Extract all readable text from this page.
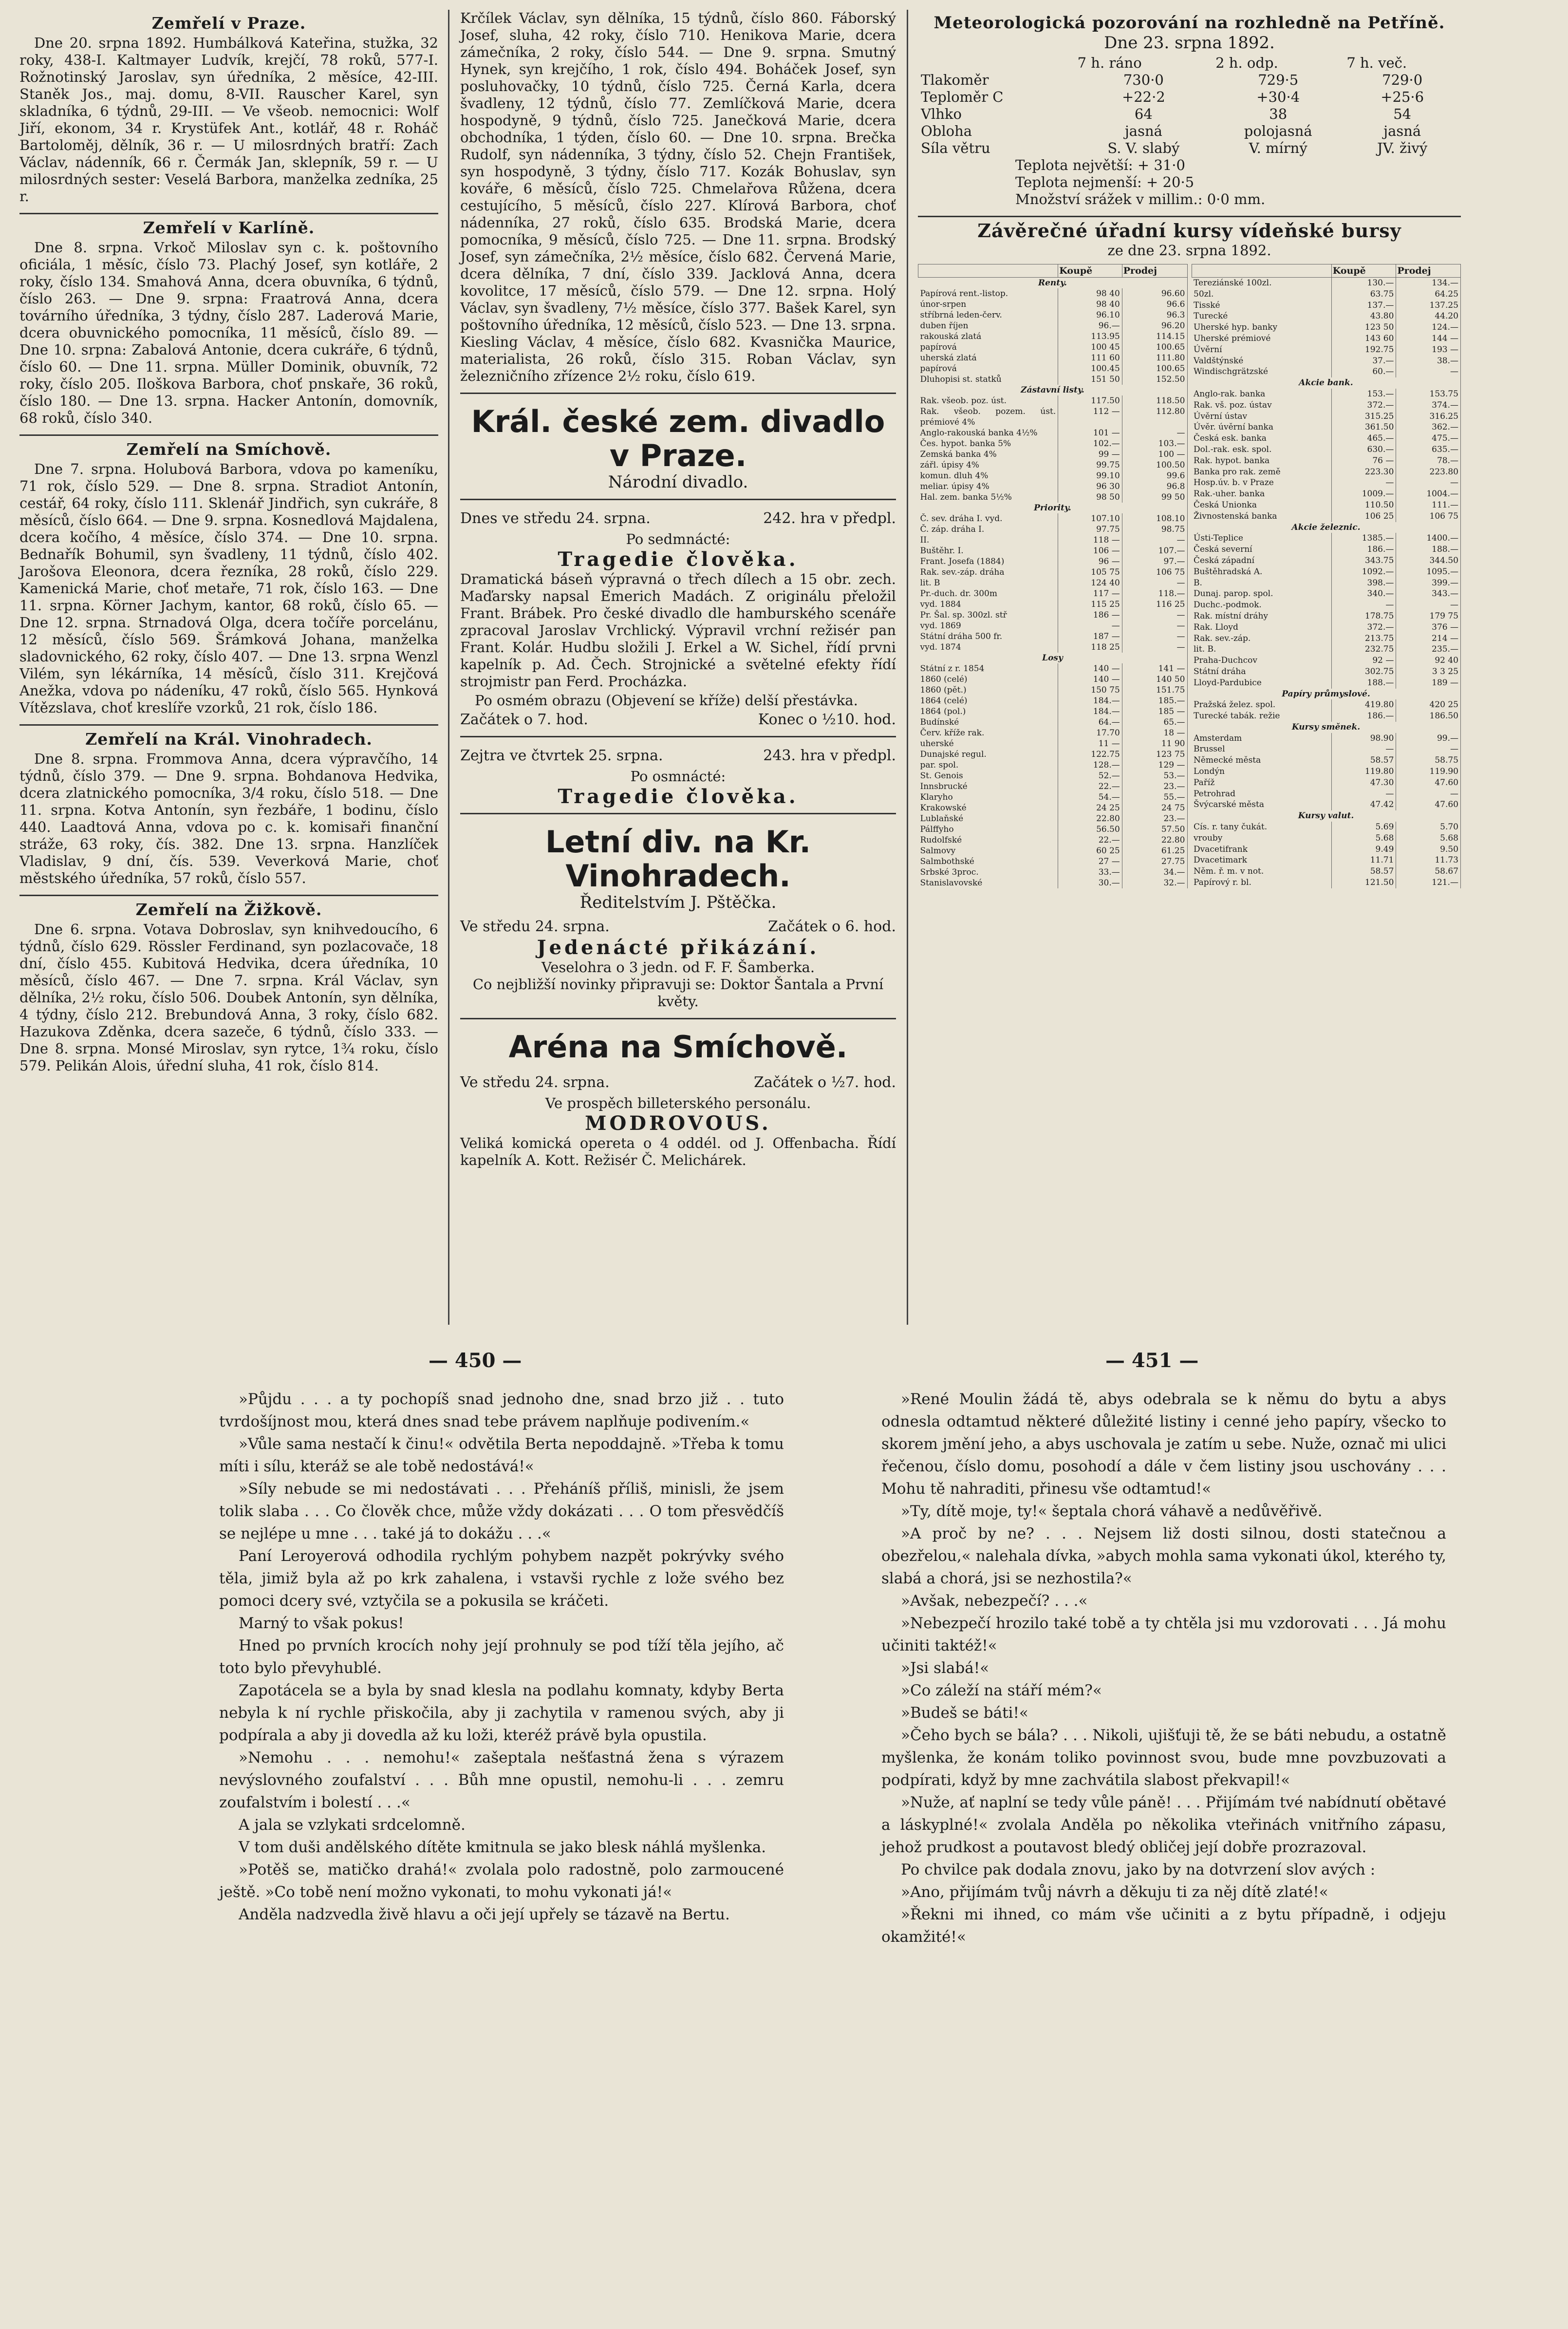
Zemřelí v Praze.

Dne 20. srpna 1892. Humbálková Kateřina, stužka, 32 roky, 438-I. Kaltmayer Ludvík, krejčí, 78 roků, 577-I. Rožnotinský Jaroslav, syn úředníka, 2 měsíce, 42-III. Staněk Jos., maj. domu, 8-VII. Rauscher Karel, syn skladníka, 6 týdnů, 29-III. — Ve všeob. nemocnici: Wolf Jiří, ekonom, 34 r. Krystüfek Ant., kotlář, 48 r. Roháč Bartoloměj, dělník, 36 r. — U milosrdných bratří: Zach Václav, nádenník, 66 r. Čermák Jan, sklepník, 59 r. — U milosrdných sester: Veselá Barbora, manželka zedníka, 25 r.

Zemřelí v Karlíně.

Dne 8. srpna. Vrkoč Miloslav syn c. k. poštovního oficiála, 1 měsíc, číslo 73. Plachý Josef, syn kotláře, 2 roky, číslo 134. Smahová Anna, dcera obuvníka, 6 týdnů, číslo 263. — Dne 9. srpna: Fraatrová Anna, dcera továrního úředníka, 3 týdny, číslo 287. Laderová Marie, dcera obuvnického pomocníka, 11 měsíců, číslo 89. — Dne 10. srpna: Zabalová Antonie, dcera cukráře, 6 týdnů, číslo 60. — Dne 11. srpna. Müller Dominik, obuvník, 72 roky, číslo 205. Iloškova Barbora, choť pnskaře, 36 roků, číslo 180. — Dne 13. srpna. Hacker Antonín, domovník, 68 roků, číslo 340.

Zemřelí na Smíchově.

Dne 7. srpna. Holubová Barbora, vdova po kameníku, 71 rok, číslo 529. — Dne 8. srpna. Stradiot Antonín, cestář, 64 roky, číslo 111. Sklenář Jindřich, syn cukráře, 8 měsíců, číslo 664. — Dne 9. srpna. Kosnedlová Majdalena, dcera kočího, 4 měsíce, číslo 374. — Dne 10. srpna. Bednařík Bohumil, syn švadleny, 11 týdnů, číslo 402. Jarošova Eleonora, dcera řezníka, 28 roků, číslo 229. Kamenická Marie, choť metaře, 71 rok, číslo 163. — Dne 11. srpna. Körner Jachym, kantor, 68 roků, číslo 65. — Dne 12. srpna. Strnadová Olga, dcera točíře porcelánu, 12 měsíců, číslo 569. Šrámková Johana, manželka sladovnického, 62 roky, číslo 407. — Dne 13. srpna Wenzl Vilém, syn lékárníka, 14 měsíců, číslo 311. Krejčová Anežka, vdova po nádeníku, 47 roků, číslo 565. Hynková Vítězslava, choť kreslíře vzorků, 21 rok, číslo 186.

Zemřelí na Král. Vinohradech.

Dne 8. srpna. Frommova Anna, dcera výpravčího, 14 týdnů, číslo 379. — Dne 9. srpna. Bohdanova Hedvika, dcera zlatnického pomocníka, 3/4 roku, číslo 518. — Dne 11. srpna. Kotva Antonín, syn řezbáře, 1 bodinu, číslo 440. Laadtová Anna, vdova po c. k. komisaři finanční stráže, 63 roky, čís. 382. Dne 13. srpna. Hanzlíček Vladislav, 9 dní, čís. 539. Veverková Marie, choť městského úředníka, 57 roků, číslo 557.

Zemřelí na Žižkově.

Dne 6. srpna. Votava Dobroslav, syn knihvedoucího, 6 týdnů, číslo 629. Rössler Ferdinand, syn pozlacovače, 18 dní, číslo 455. Kubitová Hedvika, dcera úředníka, 10 měsíců, číslo 467. — Dne 7. srpna. Král Václav, syn dělníka, 2½ roku, číslo 506. Doubek Antonín, syn dělníka, 4 týdny, číslo 212. Brebundová Anna, 3 roky, číslo 682. Hazukova Zděnka, dcera sazeče, 6 týdnů, číslo 333. — Dne 8. srpna. Monsé Miroslav, syn rytce, 1¾ roku, číslo 579. Pelikán Alois, úřední sluha, 41 rok, číslo 814.

Krčílek Václav, syn dělníka, 15 týdnů, číslo 860. Fáborský Josef, sluha, 42 roky, číslo 710. Henikova Marie, dcera zámečníka, 2 roky, číslo 544. — Dne 9. srpna. Smutný Hynek, syn krejčího, 1 rok, číslo 494. Boháček Josef, syn posluhovačky, 10 týdnů, číslo 725. Černá Karla, dcera švadleny, 12 týdnů, číslo 77. Zemlíčková Marie, dcera hospodyně, 9 týdnů, číslo 725. Janečková Marie, dcera obchodníka, 1 týden, číslo 60. — Dne 10. srpna. Brečka Rudolf, syn nádenníka, 3 týdny, číslo 52. Chejn František, syn hospodyně, 3 týdny, číslo 717. Kozák Bohuslav, syn kováře, 6 měsíců, číslo 725. Chmelařova Růžena, dcera cestujícího, 5 měsíců, číslo 227. Klírová Barbora, choť nádenníka, 27 roků, číslo 635. Brodská Marie, dcera pomocníka, 9 měsíců, číslo 725. — Dne 11. srpna. Brodský Josef, syn zámečníka, 2½ měsíce, číslo 682. Červená Marie, dcera dělníka, 7 dní, číslo 339. Jacklová Anna, dcera kovolitce, 17 měsíců, číslo 579. — Dne 12. srpna. Holý Václav, syn švadleny, 7½ měsíce, číslo 377. Bašek Karel, syn poštovního úředníka, 12 měsíců, číslo 523. — Dne 13. srpna. Kiesling Václav, 4 měsíce, číslo 682. Kvasnička Maurice, materialista, 26 roků, číslo 315. Roban Václav, syn železničního zřízence 2½ roku, číslo 619.

Král. české zem. divadlo v Praze.
Národní divadlo.
Dnes ve středu 24. srpna.	242. hra v předpl.
Po sedmnácté:
Tragedie člověka.

Dramatická báseň výpravná o třech dílech a 15 obr. zech. Maďarsky napsal Emerich Madách. Z originálu přeložil Frant. Brábek. Pro české divadlo dle hamburského scenáře zpracoval Jaroslav Vrchlický. Výpravil vrchní režisér pan Frant. Kolár. Hudbu složili J. Erkel a W. Sichel, řídí prvni kapelník p. Ad. Čech. Strojnické a světelné efekty řídí strojmistr pan Ferd. Procházka.

Po osmém obrazu (Objevení se kříže) delší přestávka.

Začátek o 7. hod.	Konec o ½10. hod.
Zejtra ve čtvrtek 25. srpna.	243. hra v předpl.
Po osmnácté:
Tragedie člověka.
Letní div. na Kr. Vinohradech.
Ředitelstvím J. Pštěčka.
Ve středu 24. srpna.	Začátek o 6. hod.
Jedenácté přikázání.
Veselohra o 3 jedn. od F. F. Šamberka.
Co nejbližší novinky připravuji se: Doktor Šantala a První květy.
Aréna na Smíchově.
Ve středu 24. srpna.	Začátek o ½7. hod.
Ve prospěch billeterského personálu.
MODROVOUS.

Veliká komická opereta o 4 oddél. od J. Offenbacha. Řídí kapelník A. Kott. Režisér Č. Melichárek.

Meteorologická pozorování na rozhledně na Petříně.
Dne 23. srpna 1892.
	7 h. ráno	2 h. odp.	7 h. več.
Tlakoměr	730·0	729·5	729·0
Teploměr C	+22·2	+30·4	+25·6
Vlhko	64	38	54
Obloha	jasná	polojasná	jasná
Síla větru	S. V. slabý	V. mírný	JV. živý
Teplota největší: + 31·0
Teplota nejmenší: + 20·5
Množství srážek v millim.: 0·0 mm.
Závěrečné úřadní kursy vídeňské bursy
ze dne 23. srpna 1892.
	Koupě	Prodej
Renty.		
Papírová rent.-listop.	98 40	96.60
únor-srpen	98 40	96.6
stříbrná leden-červ.	96.10	96.3
duben říjen	96.—	96.20
rakouská zlatá	113.95	114.15
papírová	100 45	100.65
uherská zlatá	111 60	111.80
papírová	100.45	100.65
Dluhopisi st. statků	151 50	152.50
Zástavní listy.		
Rak. všeob. poz. úst.	117.50	118.50
Rak. všeob. pozem. úst. prémiové 4%	112 —	112.80
Anglo-rakouská banka 4½%	101 —	—
Čes. hypot. banka 5%	102.—	103.—
Zemská banka 4%	99 —	100 —
zářl. úpisy 4%	99.75	100.50
komun. dluh 4%	99.10	99.6
meliar. úpisy 4%	96 30	96.8
Hal. zem. banka 5½%	98 50	99 50
Priority.		
Č. sev. dráha I. vyd.	107.10	108.10
Č. záp. dráha I.	97.75	98.75
II.	118 —	—
Buštěhr. I.	106 —	107.—
Frant. Josefa (1884)	96 —	97.—
Rak. sev.-záp. dráha	105 75	106 75
lit. B	124 40	—
Pr.-duch. dr. 300m	117 —	118.—
vyd. 1884	115 25	116 25
Pr. Šal. sp. 300zl. stř	186 —	—
vyd. 1869	—	—
Státní dráha 500 fr.	187 —	—
vyd. 1874	118 25	—
Losy		
Státní z r. 1854	140 —	141 —
1860 (celé)	140 —	140 50
1860 (pět.)	150 75	151.75
1864 (celé)	184.—	185.—
1864 (pol.)	184.—	185 —
Budínské	64.—	65.—
Červ. kříže rak.	17.70	18 —
uherské	11 —	11 90
Dunajské regul.	122.75	123 75
par. spol.	128.—	129 —
St. Genois	52.—	53.—
Innsbrucké	22.—	23.—
Klaryho	54.—	55.—
Krakowské	24 25	24 75
Lublaňské	22.80	23.—
Pálffyho	56.50	57.50
Rudolfské	22.—	22.80
Salmovy	60 25	61.25
Salmbothské	27 —	27.75
Srbské 3proc.	33.—	34.—
Stanislavovské	30.—	32.—
	Koupě	Prodej
Tereziánské 100zl.	130.—	134.—
50zl.	63.75	64.25
Tisské	137.—	137.25
Turecké	43.80	44.20
Uherské hyp. banky	123 50	124.—
Uherské prémiové	143 60	144 —
Úvěrní	192.75	193 —
Valdštýnské	37.—	38.—
Windischgrätzské	60.—	—
Akcie bank.		
Anglo-rak. banka	153.—	153.75
Rak. vš. poz. ústav	372.—	374.—
Úvěrní ústav	315.25	316.25
Úvěr. úvěrní banka	361.50	362.—
Česká esk. banka	465.—	475.—
Dol.-rak. esk. spol.	630.—	635.—
Rak. hypot. banka	76 —	78.—
Banka pro rak. země	223.30	223.80
Hosp.úv. b. v Praze	—	—
Rak.-uher. banka	1009.—	1004.—
Česká Unionka	110.50	111.—
Živnostenská banka	106 25	106 75
Akcie železnic.		
Ústi-Teplice	1385.—	1400.—
Česká severní	186.—	188.—
Česká západní	343.75	344.50
Buštěhradská A.	1092.—	1095.—
B.	398.—	399.—
Dunaj. parop. spol.	340.—	343.—
Duchc.-podmok.	—	—
Rak. místní dráhy	178.75	179 75
Rak. Lloyd	372.—	376 —
Rak. sev.-záp.	213.75	214 —
lit. B.	232.75	235.—
Praha-Duchcov	92 —	92 40
Státní dráha	302.75	3 3 25
Lloyd-Pardubice	188.—	189 —
Papíry průmyslové.		
Pražská želez. spol.	419.80	420 25
Turecké tabák. režie	186.—	186.50
Kursy směnek.		
Amsterdam	98.90	99.—
Brussel	—	—
Německé města	58.57	58.75
Londýn	119.80	119.90
Paříž	47.30	47.60
Petrohrad	—	—
Švýcarské města	47.42	47.60
Kursy valut.		
Cís. r. tany čukát.	5.69	5.70
vrouby	5.68	5.68
Dvacetifrank	9.49	9.50
Dvacetimark	11.71	11.73
Něm. ř. m. v not.	58.57	58.67
Papírový r. bl.	121.50	121.—
— 450 —	— 451 —

»Půjdu . . . a ty pochopíš snad jednoho dne, snad brzo již . . tuto tvrdošíjnost mou, která dnes snad tebe právem naplňuje podivením.«

»Vůle sama nestačí k činu!« odvětila Berta nepoddajně. »Třeba k tomu míti i sílu, kteráž se ale tobě nedostává!«

»Síly nebude se mi nedostávati . . . Přeháníš příliš, minisli, že jsem tolik slaba . . . Co člověk chce, může vždy dokázati . . . O tom přesvědčíš se nejlépe u mne . . . také já to dokážu . . .«

Paní Leroyerová odhodila rychlým pohybem nazpět pokrývky svého těla, jimiž byla až po krk zahalena, i vstavši rychle z lože svého bez pomoci dcery své, vztyčila se a pokusila se kráčeti.

Marný to však pokus!

Hned po prvních krocích nohy její prohnuly se pod tíží těla jejího, ač toto bylo převyhublé.

Zapotácela se a byla by snad klesla na podlahu komnaty, kdyby Berta nebyla k ní rychle přiskočila, aby ji zachytila v ramenou svých, aby ji podpírala a aby ji dovedla až ku loži, kteréž právě byla opustila.

»Nemohu . . . nemohu!« zašeptala nešťastná žena s výrazem nevýslovného zoufalství . . . Bůh mne opustil, nemohu-li . . . zemru zoufalstvím i bolestí . . .«

A jala se vzlykati srdcelomně.

V tom duši andělského dítěte kmitnula se jako blesk náhlá myšlenka.

»Potěš se, matičko drahá!« zvolala polo radostně, polo zarmoucené ještě. »Co tobě není možno vykonati, to mohu vykonati já!«

Anděla nadzvedla živě hlavu a oči její upřely se tázavě na Bertu.

»René Moulin žádá tě, abys odebrala se k němu do bytu a abys odnesla odtamtud některé důležité listiny i cenné jeho papíry, všecko to skorem jmění jeho, a abys uschovala je zatím u sebe. Nuže, označ mi ulici řečenou, číslo domu, posohodí a dále v čem listiny jsou uschovány . . . Mohu tě nahraditi, přinesu vše odtamtud!«

»Ty, dítě moje, ty!« šeptala chorá váhavě a nedůvěřivě.

»A proč by ne? . . . Nejsem liž dosti silnou, dosti statečnou a obezřelou,« nalehala dívka, »abych mohla sama vykonati úkol, kterého ty, slabá a chorá, jsi se nezhostila?«

»Avšak, nebezpečí? . . .«

»Nebezpečí hrozilo také tobě a ty chtěla jsi mu vzdorovati . . . Já mohu učiniti taktéž!«

»Jsi slabá!«

»Co záleží na stáří mém?«

»Budeš se báti!«

»Čeho bych se bála? . . . Nikoli, ujišťuji tě, že se báti nebudu, a ostatně myšlenka, že konám toliko povinnost svou, bude mne povzbuzovati a podpírati, když by mne zachvátila slabost překvapil!«

»Nuže, ať naplní se tedy vůle páně! . . . Přijímám tvé nabídnutí obětavé a láskyplné!« zvolala Anděla po několika vteřinách vnitřního zápasu, jehož prudkost a poutavost bledý obličej její dobře prozrazoval.

Po chvilce pak dodala znovu, jako by na dotvrzení slov avých :

»Ano, přijímám tvůj návrh a děkuju ti za něj dítě zlaté!«

»Řekni mi ihned, co mám vše učiniti a z bytu případně, i odjeju okamžité!«
